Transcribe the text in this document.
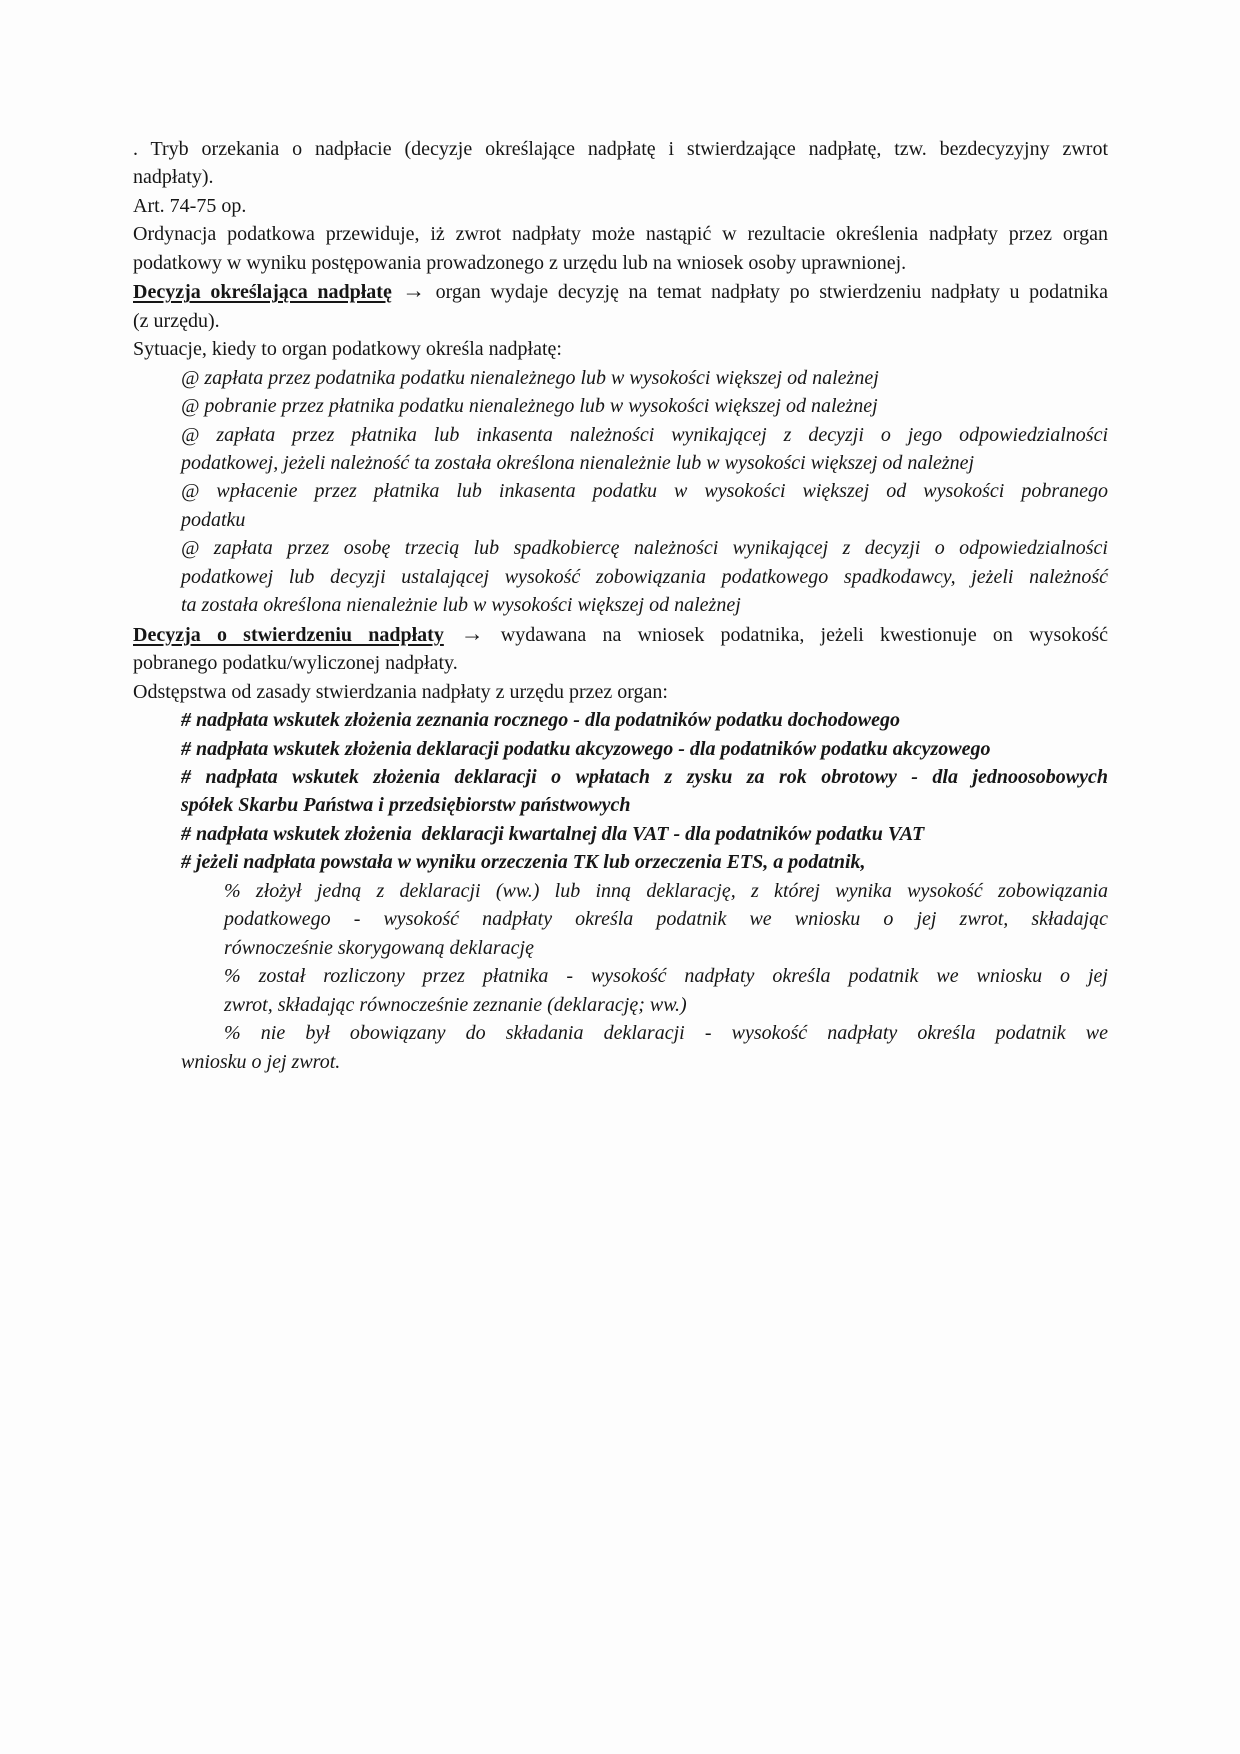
. Tryb orzekania o nadpłacie (decyzje określające nadpłatę i stwierdzające nadpłatę, tzw. bezdecyzyjny zwrot
nadpłaty).
Art. 74-75 op.
Ordynacja podatkowa przewiduje, iż zwrot nadpłaty może nastąpić w rezultacie określenia nadpłaty przez organ
podatkowy w wyniku postępowania prowadzonego z urzędu lub na wniosek osoby uprawnionej.
Decyzja określająca nadpłatę → organ wydaje decyzję na temat nadpłaty po stwierdzeniu nadpłaty u podatnika
(z urzędu).
Sytuacje, kiedy to organ podatkowy określa nadpłatę:
@ zapłata przez podatnika podatku nienależnego lub w wysokości większej od należnej
@ pobranie przez płatnika podatku nienależnego lub w wysokości większej od należnej
@ zapłata przez płatnika lub inkasenta należności wynikającej z decyzji o jego odpowiedzialności
podatkowej, jeżeli należność ta została określona nienależnie lub w wysokości większej od należnej
@ wpłacenie przez płatnika lub inkasenta podatku w wysokości większej od wysokości pobranego
podatku
@ zapłata przez osobę trzecią lub spadkobiercę należności wynikającej z decyzji o odpowiedzialności
podatkowej lub decyzji ustalającej wysokość zobowiązania podatkowego spadkodawcy, jeżeli należność
ta została określona nienależnie lub w wysokości większej od należnej
Decyzja o stwierdzeniu nadpłaty → wydawana na wniosek podatnika, jeżeli kwestionuje on wysokość
pobranego podatku/wyliczonej nadpłaty.
Odstępstwa od zasady stwierdzania nadpłaty z urzędu przez organ:
# nadpłata wskutek złożenia zeznania rocznego - dla podatników podatku dochodowego
# nadpłata wskutek złożenia deklaracji podatku akcyzowego - dla podatników podatku akcyzowego
# nadpłata wskutek złożenia deklaracji o wpłatach z zysku za rok obrotowy - dla jednoosobowych
spółek Skarbu Państwa i przedsiębiorstw państwowych
# nadpłata wskutek złożenia  deklaracji kwartalnej dla VAT - dla podatników podatku VAT
# jeżeli nadpłata powstała w wyniku orzeczenia TK lub orzeczenia ETS, a podatnik,
% złożył jedną z deklaracji (ww.) lub inną deklarację, z której wynika wysokość zobowiązania
podatkowego - wysokość nadpłaty określa podatnik we wniosku o jej zwrot, składając
równocześnie skorygowaną deklarację
% został rozliczony przez płatnika - wysokość nadpłaty określa podatnik we wniosku o jej
zwrot, składając równocześnie zeznanie (deklarację; ww.)
% nie był obowiązany do składania deklaracji - wysokość nadpłaty określa podatnik we
wniosku o jej zwrot.
